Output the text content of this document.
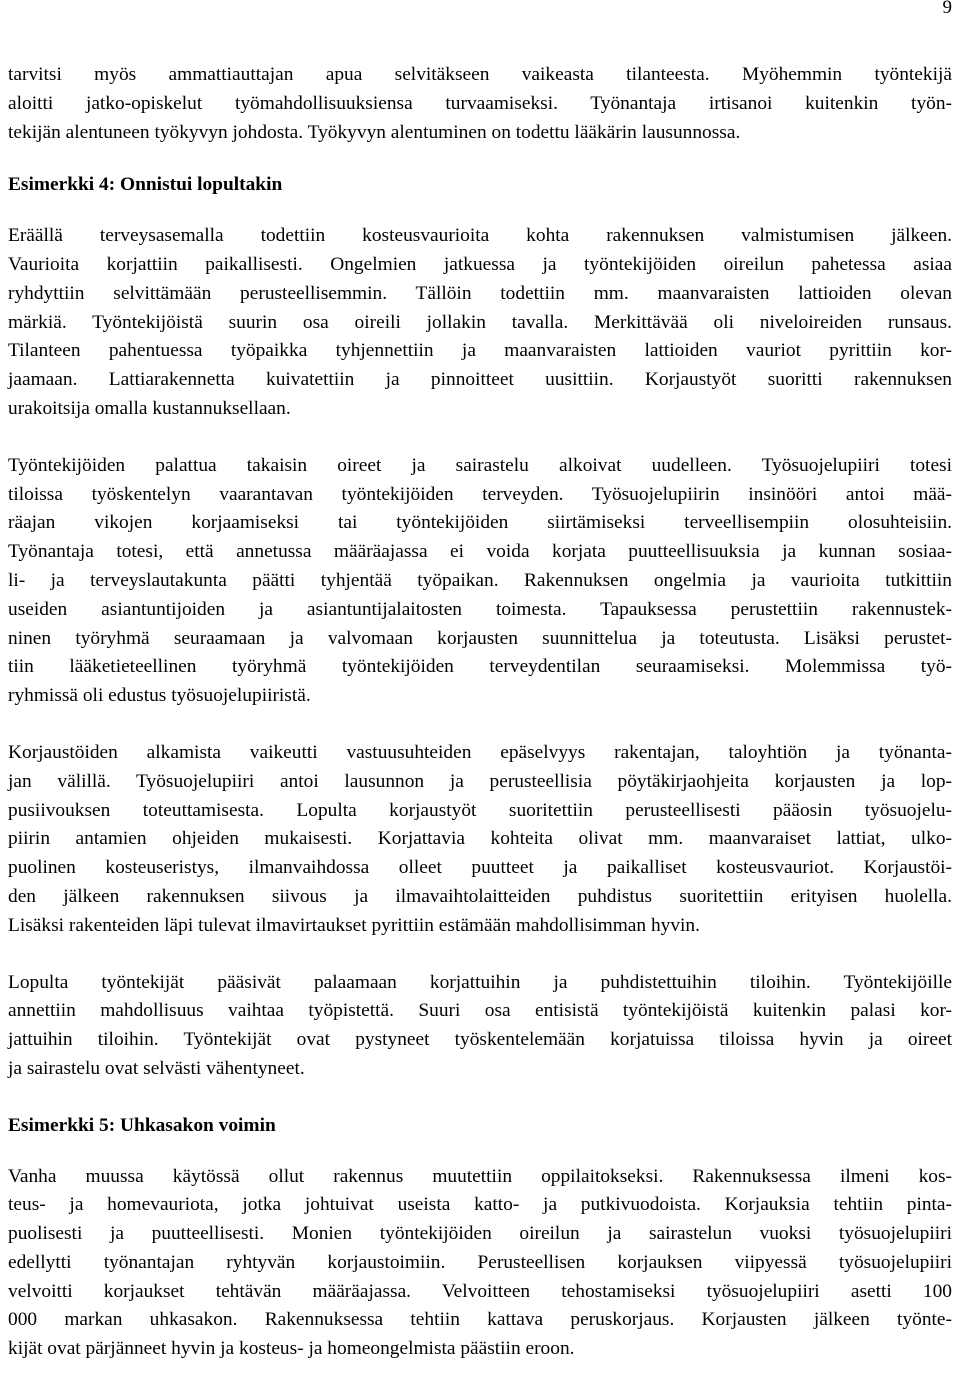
9
tarvitsi myös ammattiauttajan apua selvitäkseen vaikeasta tilanteesta. Myöhemmin työntekijä
aloitti jatko-opiskelut työmahdollisuuksiensa turvaamiseksi. Työnantaja irtisanoi kuitenkin työn-
tekijän alentuneen työkyvyn johdosta. Työkyvyn alentuminen on todettu lääkärin lausunnossa.
Esimerkki 4: Onnistui lopultakin
Eräällä terveysasemalla todettiin kosteusvaurioita kohta rakennuksen valmistumisen jälkeen.
Vaurioita korjattiin paikallisesti. Ongelmien jatkuessa ja työntekijöiden oireilun pahetessa asiaa
ryhdyttiin selvittämään perusteellisemmin. Tällöin todettiin mm. maanvaraisten lattioiden olevan
märkiä. Työntekijöistä suurin osa oireili jollakin tavalla. Merkittävää oli niveloireiden runsaus.
Tilanteen pahentuessa työpaikka tyhjennettiin ja maanvaraisten lattioiden vauriot pyrittiin kor-
jaamaan. Lattiarakennetta kuivatettiin ja pinnoitteet uusittiin. Korjaustyöt suoritti rakennuksen
urakoitsija omalla kustannuksellaan.
Työntekijöiden palattua takaisin oireet ja sairastelu alkoivat uudelleen. Työsuojelupiiri totesi
tiloissa työskentelyn vaarantavan työntekijöiden terveyden. Työsuojelupiirin insinööri antoi mää-
räajan vikojen korjaamiseksi tai työntekijöiden siirtämiseksi terveellisempiin olosuhteisiin.
Työnantaja totesi, että annetussa määräajassa ei voida korjata puutteellisuuksia ja kunnan sosiaa-
li- ja terveyslautakunta päätti tyhjentää työpaikan. Rakennuksen ongelmia ja vaurioita tutkittiin
useiden asiantuntijoiden ja asiantuntijalaitosten toimesta. Tapauksessa perustettiin rakennustek-
ninen työryhmä seuraamaan ja valvomaan korjausten suunnittelua ja toteutusta. Lisäksi perustet-
tiin lääketieteellinen työryhmä työntekijöiden terveydentilan seuraamiseksi. Molemmissa työ-
ryhmissä oli edustus työsuojelupiiristä.
Korjaustöiden alkamista vaikeutti vastuusuhteiden epäselvyys rakentajan, taloyhtiön ja työnanta-
jan välillä. Työsuojelupiiri antoi lausunnon ja perusteellisia pöytäkirjaohjeita korjausten ja lop-
pusiivouksen toteuttamisesta. Lopulta korjaustyöt suoritettiin perusteellisesti pääosin työsuojelu-
piirin antamien ohjeiden mukaisesti. Korjattavia kohteita olivat mm. maanvaraiset lattiat, ulko-
puolinen kosteuseristys, ilmanvaihdossa olleet puutteet ja paikalliset kosteusvauriot. Korjaustöi-
den jälkeen rakennuksen siivous ja ilmavaihtolaitteiden puhdistus suoritettiin erityisen huolella.
Lisäksi rakenteiden läpi tulevat ilmavirtaukset pyrittiin estämään mahdollisimman hyvin.
Lopulta työntekijät pääsivät palaamaan korjattuihin ja puhdistettuihin tiloihin. Työntekijöille
annettiin mahdollisuus vaihtaa työpistettä. Suuri osa entisistä työntekijöistä kuitenkin palasi kor-
jattuihin tiloihin. Työntekijät ovat pystyneet työskentelemään korjatuissa tiloissa hyvin ja oireet
ja sairastelu ovat selvästi vähentyneet.
Esimerkki 5: Uhkasakon voimin
Vanha muussa käytössä ollut rakennus muutettiin oppilaitokseksi. Rakennuksessa ilmeni kos-
teus- ja homevauriota, jotka johtuivat useista katto- ja putkivuodoista. Korjauksia tehtiin pinta-
puolisesti ja puutteellisesti. Monien työntekijöiden oireilun ja sairastelun vuoksi työsuojelupiiri
edellytti työnantajan ryhtyvän korjaustoimiin. Perusteellisen korjauksen viipyessä työsuojelupiiri
velvoitti korjaukset tehtävän määräajassa. Velvoitteen tehostamiseksi työsuojelupiiri asetti 100
000 markan uhkasakon. Rakennuksessa tehtiin kattava peruskorjaus. Korjausten jälkeen työnte-
kijät ovat pärjänneet hyvin ja kosteus- ja homeongelmista päästiin eroon.
